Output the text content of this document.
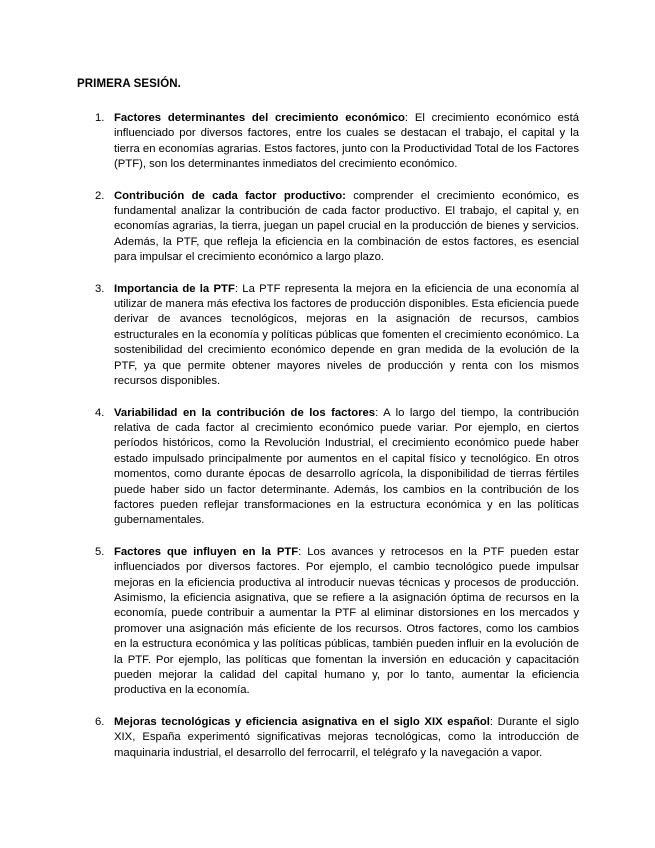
PRIMERA SESIÓN.
1. Factores determinantes del crecimiento económico: El crecimiento económico está influenciado por diversos factores, entre los cuales se destacan el trabajo, el capital y la tierra en economías agrarias. Estos factores, junto con la Productividad Total de los Factores (PTF), son los determinantes inmediatos del crecimiento económico.
2. Contribución de cada factor productivo: comprender el crecimiento económico, es fundamental analizar la contribución de cada factor productivo. El trabajo, el capital y, en economías agrarias, la tierra, juegan un papel crucial en la producción de bienes y servicios. Además, la PTF, que refleja la eficiencia en la combinación de estos factores, es esencial para impulsar el crecimiento económico a largo plazo.
3. Importancia de la PTF: La PTF representa la mejora en la eficiencia de una economía al utilizar de manera más efectiva los factores de producción disponibles. Esta eficiencia puede derivar de avances tecnológicos, mejoras en la asignación de recursos, cambios estructurales en la economía y políticas públicas que fomenten el crecimiento económico. La sostenibilidad del crecimiento económico depende en gran medida de la evolución de la PTF, ya que permite obtener mayores niveles de producción y renta con los mismos recursos disponibles.
4. Variabilidad en la contribución de los factores: A lo largo del tiempo, la contribución relativa de cada factor al crecimiento económico puede variar. Por ejemplo, en ciertos períodos históricos, como la Revolución Industrial, el crecimiento económico puede haber estado impulsado principalmente por aumentos en el capital físico y tecnológico. En otros momentos, como durante épocas de desarrollo agrícola, la disponibilidad de tierras fértiles puede haber sido un factor determinante. Además, los cambios en la contribución de los factores pueden reflejar transformaciones en la estructura económica y en las políticas gubernamentales.
5. Factores que influyen en la PTF: Los avances y retrocesos en la PTF pueden estar influenciados por diversos factores. Por ejemplo, el cambio tecnológico puede impulsar mejoras en la eficiencia productiva al introducir nuevas técnicas y procesos de producción. Asimismo, la eficiencia asignativa, que se refiere a la asignación óptima de recursos en la economía, puede contribuir a aumentar la PTF al eliminar distorsiones en los mercados y promover una asignación más eficiente de los recursos. Otros factores, como los cambios en la estructura económica y las políticas públicas, también pueden influir en la evolución de la PTF. Por ejemplo, las políticas que fomentan la inversión en educación y capacitación pueden mejorar la calidad del capital humano y, por lo tanto, aumentar la eficiencia productiva en la economía.
6. Mejoras tecnológicas y eficiencia asignativa en el siglo XIX español: Durante el siglo XIX, España experimentó significativas mejoras tecnológicas, como la introducción de maquinaria industrial, el desarrollo del ferrocarril, el telégrafo y la navegación a vapor.
